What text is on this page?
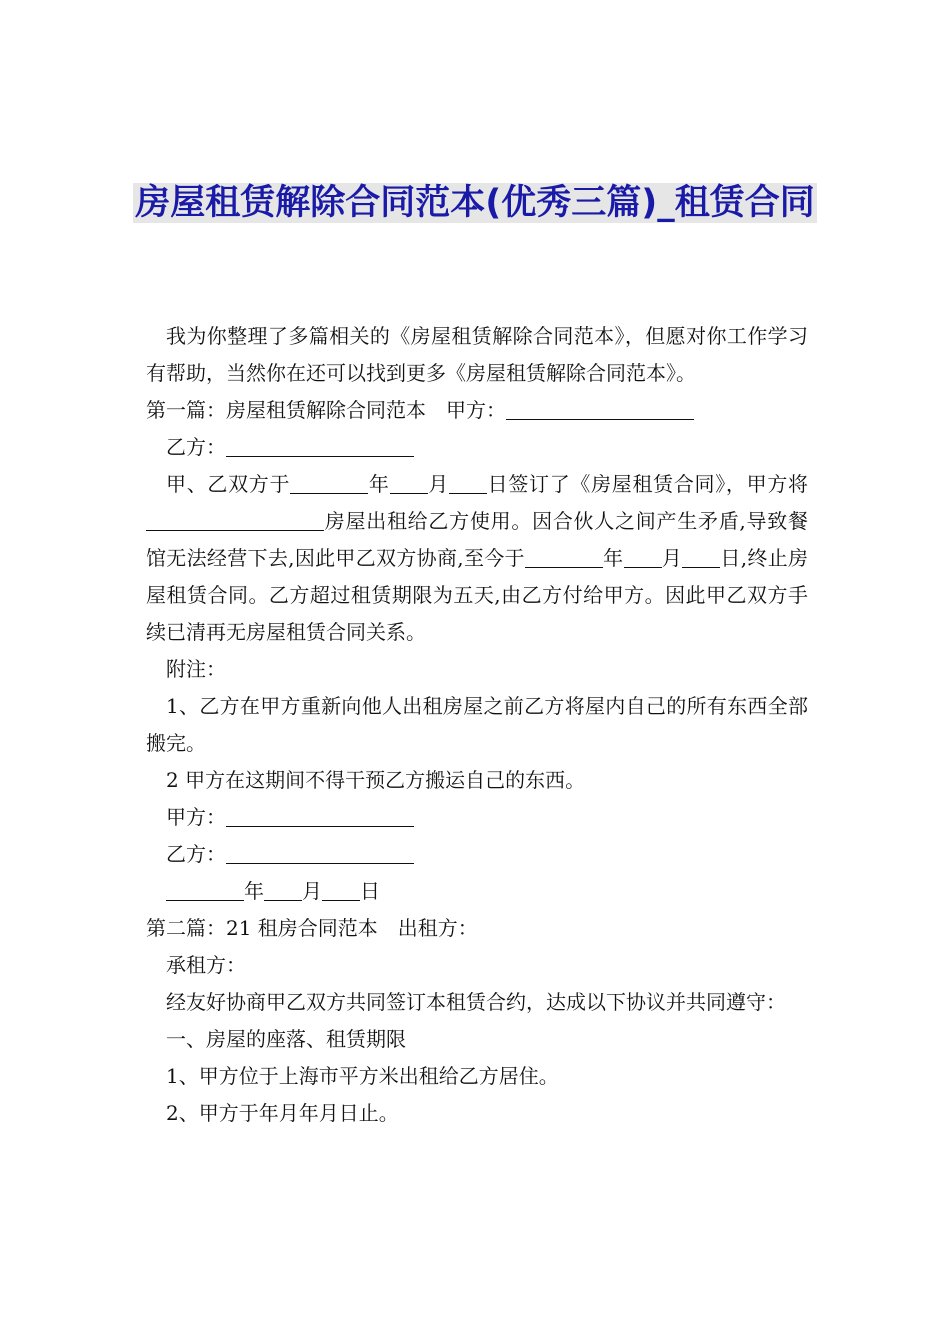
房屋租赁解除合同范本(优秀三篇)_租赁合同

我为你整理了多篇相关的《房屋租赁解除合同范本》，但愿对你工作学习有帮助，当然你在还可以找到更多《房屋租赁解除合同范本》。

第一篇：房屋租赁解除合同范本　甲方：

乙方：

甲、乙双方于	年 月 日签订了《房屋租赁合同》，甲方将房屋出租给乙方使用。因合伙人之间产生矛盾,导致餐馆无法经营下去,因此甲乙双方协商,至今于	年 月 日,终止房屋租赁合同。乙方超过租赁期限为五天,由乙方付给甲方。因此甲乙双方手续已清再无房屋租赁合同关系。

附注：

1、乙方在甲方重新向他人出租房屋之前乙方将屋内自己的所有东西全部搬完。

2 甲方在这期间不得干预乙方搬运自己的东西。

甲方：

乙方：

年 月 日

第二篇：21 租房合同范本　出租方：

承租方：

经友好协商甲乙双方共同签订本租赁合约，达成以下协议并共同遵守：

一、房屋的座落、租赁期限

1、甲方位于上海市平方米出租给乙方居住。

2、甲方于年月年月日止。
